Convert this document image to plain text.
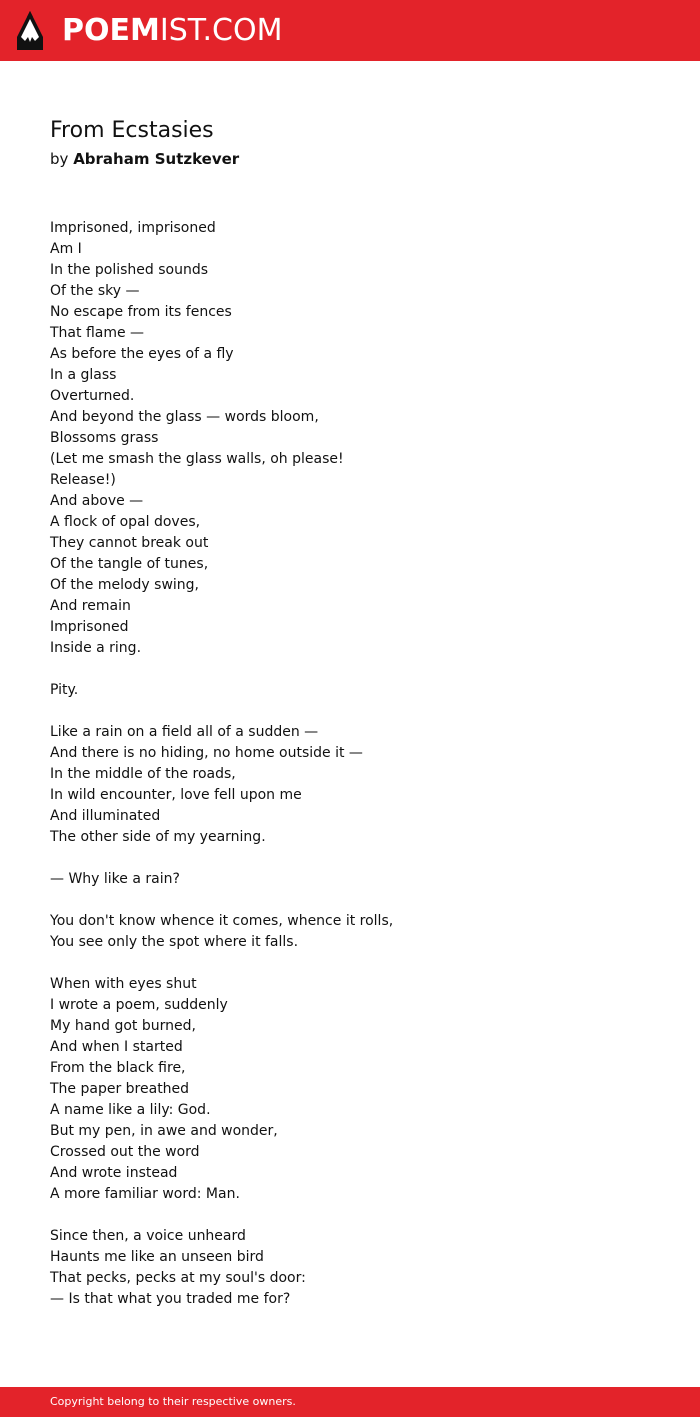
POEMIST.COM
From Ecstasies
by Abraham Sutzkever
Imprisoned, imprisoned
Am I
In the polished sounds
Of the sky —
No escape from its fences
That flame —
As before the eyes of a fly
In a glass
Overturned.
And beyond the glass — words bloom,
Blossoms grass
(Let me smash the glass walls, oh please!
Release!)
And above —
A flock of opal doves,
They cannot break out
Of the tangle of tunes,
Of the melody swing,
And remain
Imprisoned
Inside a ring.
Pity.
Like a rain on a field all of a sudden —
And there is no hiding, no home outside it —
In the middle of the roads,
In wild encounter, love fell upon me
And illuminated
The other side of my yearning.
— Why like a rain?
You don't know whence it comes, whence it rolls,
You see only the spot where it falls.
When with eyes shut
I wrote a poem, suddenly
My hand got burned,
And when I started
From the black fire,
The paper breathed
A name like a lily: God.
But my pen, in awe and wonder,
Crossed out the word
And wrote instead
A more familiar word: Man.
Since then, a voice unheard
Haunts me like an unseen bird
That pecks, pecks at my soul's door:
— Is that what you traded me for?
Copyright belong to their respective owners.
